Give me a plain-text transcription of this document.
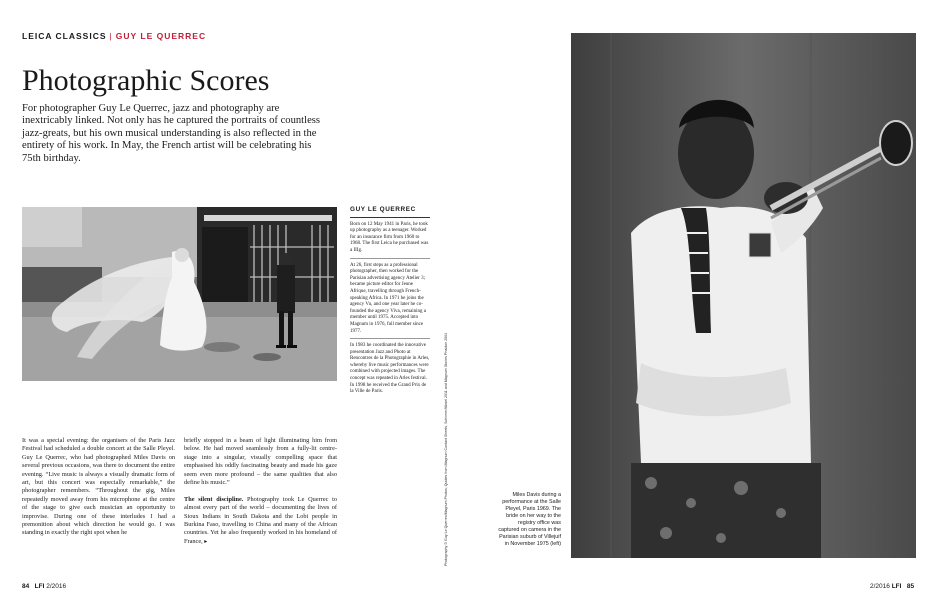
LEICA CLASSICS | GUY LE QUERREC
Photographic Scores
For photographer Guy Le Querrec, jazz and photography are inextricably linked. Not only has he captured the portraits of countless jazz-greats, but his own musical understanding is also reflected in the entirety of his work. In May, the French artist will be celebrating his 75th birthday.
It was a special evening: the organisers of the Paris Jazz Festival had scheduled a double concert at the Salle Pleyel. Guy Le Querrec, who had photographed Miles Davis on several previous occasions, was there to document the entire evening. “Live music is always a visually dramatic form of art, but this concert was especially remarkable,” the photographer remembers. “Throughout the gig, Miles repeatedly moved away from his microphone at the centre of the stage to give each musician an opportunity to improvise. During one of these interludes I had a premonition about which direction he would go. I was standing in exactly the right spot when he
briefly stopped in a beam of light illuminating him from below. He had moved seamlessly from a fully-lit centre-stage into a singular, visually compelling space that emphasised his oddly fascinating beauty and made his gaze seem even more profound – the same qualities that also define his music.”

The silent discipline. Photography took Le Querrec to almost every part of the world – documenting the lives of Sioux Indians in South Dakota and the Lobi people in Burkina Faso, travelling to China and many of the African countries. Yet he also frequently worked in his homeland of France, ▸
GUY LE QUERREC
Born on 12 May 1941 in Paris, he took up photography as a teenager. Worked for an insurance firm from 1960 to 1968. The first Leica he purchased was a IIIg.
At 26, first steps as a professional photographer, then worked for the Parisian advertising agency Atelier 3; became picture editor for Jeune Afrique, travelling through French-speaking Africa. In 1971 he joins the agency Vu, and one year later he co-founded the agency Viva, remaining a member until 1975. Accepted into Magnum in 1976, full member since 1977.
In 1983 he coordinated the innovative presentation Jazz and Photo at Rencontres de la Photographie in Arles, whereby live music performances were combined with projected images. The concept was repeated in Arles festival. In 1998 he received the Grand Prix de la Ville de Paris.	Photography © Guy Le Querrec/Magnum Photos; Quotes from Magnum Contact Sheets, Schirmer/Mosel 2011 and Magnum Stories Phaidon 2004	Miles Davis during a performance at the Salle Pleyel, Paris 1969. The bride on her way to the registry office was captured on camera in the Parisian suburb of Villejuif in November 1975 (left)
84 LFI 2/2016	2/2016 LFI 85
